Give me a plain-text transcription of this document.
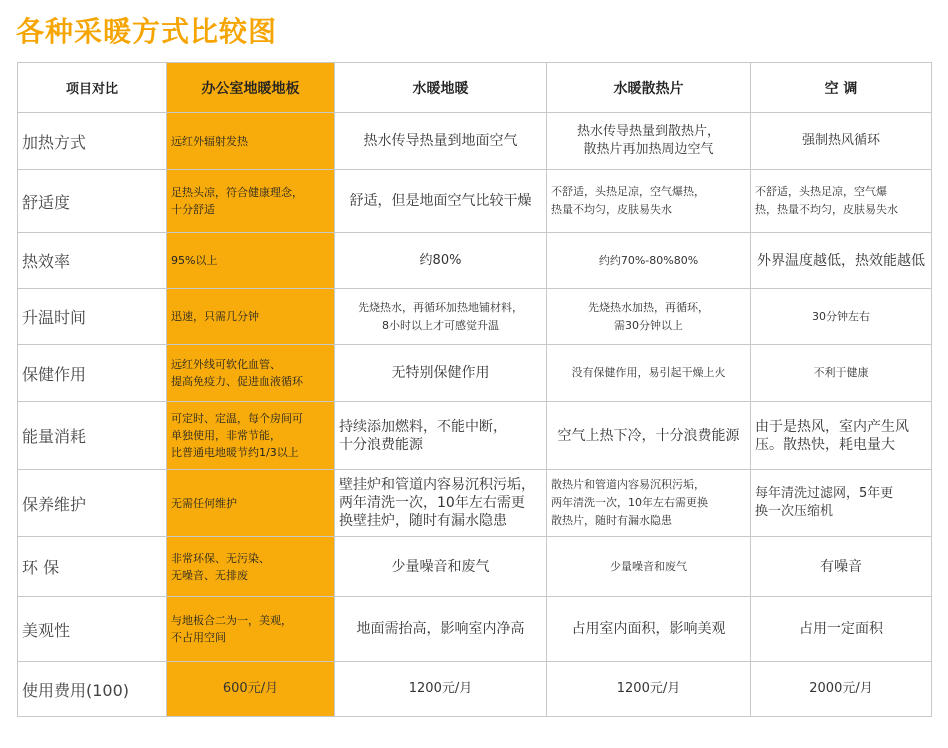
各种采暖方式比较图
项目对比	办公室地暖地板	水暖地暖	水暖散热片	空 调
加热方式	远红外辐射发热	热水传导热量到地面空气	热水传导热量到散热片，
散热片再加热周边空气	强制热风循环

舒适度	足热头凉，符合健康理念，
十分舒适	舒适，但是地面空气比较干燥	不舒适，头热足凉，空气爆热，
热量不均匀，皮肤易失水	不舒适，头热足凉，空气爆
热，热量不均匀，皮肤易失水

热效率	95%以上	约80%	约约70%-80%80%	外界温度越低，热效能越低

升温时间	迅速，只需几分钟	先烧热水，再循环加热地铺材料，
8小时以上才可感觉升温	先烧热水加热，再循环，
需30分钟以上	30分钟左右

保健作用	远红外线可软化血管、
提高免疫力、促进血液循环	无特别保健作用	没有保健作用，易引起干燥上火	不利于健康

能量消耗	可定时、定温，每个房间可
单独使用，非常节能，
比普通电地暖节约1/3以上	持续添加燃料，不能中断，
十分浪费能源	空气上热下冷，十分浪费能源	由于是热风，室内产生风
压。散热快，耗电量大

保养维护	无需任何维护	壁挂炉和管道内容易沉积污垢，
两年清洗一次，10年左右需更
换壁挂炉，随时有漏水隐患	散热片和管道内容易沉积污垢，
两年清洗一次，10年左右需更换
散热片，随时有漏水隐患	每年清洗过滤网，5年更
换一次压缩机

环 保	非常环保、无污染、
无噪音、无排废	少量噪音和废气	少量噪音和废气	有噪音

美观性	与地板合二为一，美观，
不占用空间	地面需抬高，影响室内净高	占用室内面积，影响美观	占用一定面积

使用费用(100)	600元/月	1200元/月	1200元/月	2000元/月
